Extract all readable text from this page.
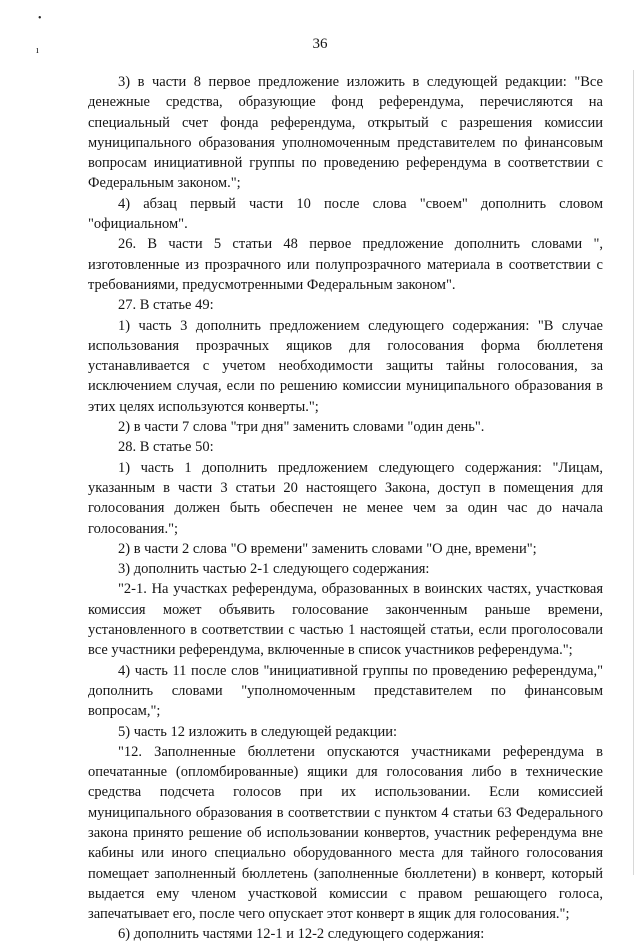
•
ı	36

3) в части 8 первое предложение изложить в следующей редакции: "Все денежные средства, образующие фонд референдума, перечисляются на специальный счет фонда референдума, открытый с разрешения комиссии муниципального образования уполномоченным представителем по финансовым вопросам инициативной группы по проведению референдума в соответствии с Федеральным законом.";

4) абзац первый части 10 после слова "своем" дополнить словом "официальном".

26. В части 5 статьи 48 первое предложение дополнить словами ", изготовленные из прозрачного или полупрозрачного материала в соответствии с требованиями, предусмотренными Федеральным законом".

27. В статье 49:

1) часть 3 дополнить предложением следующего содержания: "В случае использования прозрачных ящиков для голосования форма бюллетеня устанавливается с учетом необходимости защиты тайны голосования, за исключением случая, если по решению комиссии муниципального образования в этих целях используются конверты.";

2) в части 7 слова "три дня" заменить словами "один день".

28. В статье 50:

1) часть 1 дополнить предложением следующего содержания: "Лицам, указанным в части 3 статьи 20 настоящего Закона, доступ в помещения для голосования должен быть обеспечен не менее чем за один час до начала голосования.";

2) в части 2 слова "О времени" заменить словами "О дне, времени";

3) дополнить частью 2-1 следующего содержания:

"2-1. На участках референдума, образованных в воинских частях, участковая комиссия может объявить голосование законченным раньше времени, установленного в соответствии с частью 1 настоящей статьи, если проголосовали все участники референдума, включенные в список участников референдума.";

4) часть 11 после слов "инициативной группы по проведению референдума," дополнить словами "уполномоченным представителем по финансовым вопросам,";

5) часть 12 изложить в следующей редакции:

"12. Заполненные бюллетени опускаются участниками референдума в опечатанные (опломбированные) ящики для голосования либо в технические средства подсчета голосов при их использовании. Если комиссией муниципального образования в соответствии с пунктом 4 статьи 63 Федерального закона принято решение об использовании конвертов, участник референдума вне кабины или иного специально оборудованного места для тайного голосования помещает заполненный бюллетень (заполненные бюллетени) в конверт, который выдается ему членом участковой комиссии с правом решающего голоса, запечатывает его, после чего опускает этот конверт в ящик для голосования.";

6) дополнить частями 12-1 и 12-2 следующего содержания:
